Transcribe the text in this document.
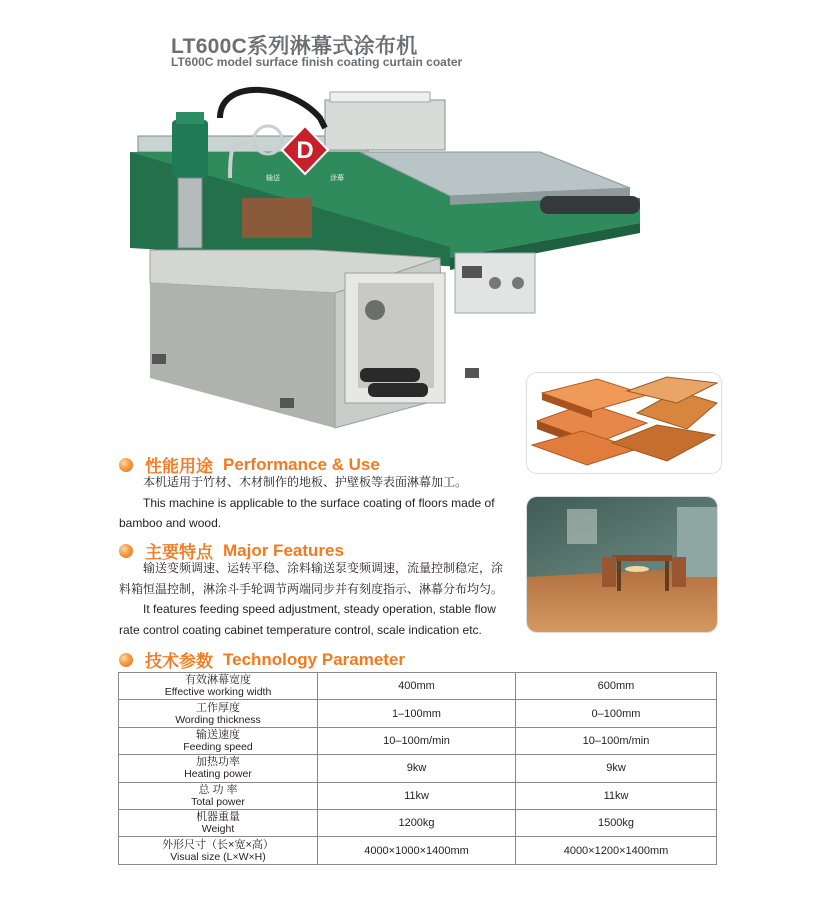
LT600C系列淋幕式涂布机
LT600C model surface finish coating curtain coater
D
输送	涂幕
性能用途 Performance & Use
本机适用于竹材、木材制作的地板、护壁板等表面淋幕加工。
This machine is applicable to the surface coating of floors made of
bamboo and wood.
主要特点 Major Features
输送变频调速、运转平稳、涂料输送泵变频调速，流量控制稳定，涂
料箱恒温控制，淋涂斗手轮调节两端同步并有刻度指示、淋幕分布均匀。
It features feeding speed adjustment, steady operation, stable flow
rate control coating cabinet temperature control, scale indication etc.
技术参数 Technology Parameter
有效淋幕宽度
Effective working width	400mm	600mm

工作厚度
Wording thickness	1–100mm	0–100mm

输送速度
Feeding speed	10–100m/min	10–100m/min

加热功率
Heating power	9kw	9kw

总 功 率
Total power	11kw	11kw

机器重量
Weight	1200kg	1500kg

外形尺寸（长×宽×高）
Visual size (L×W×H)	4000×1000×1400mm	4000×1200×1400mm
